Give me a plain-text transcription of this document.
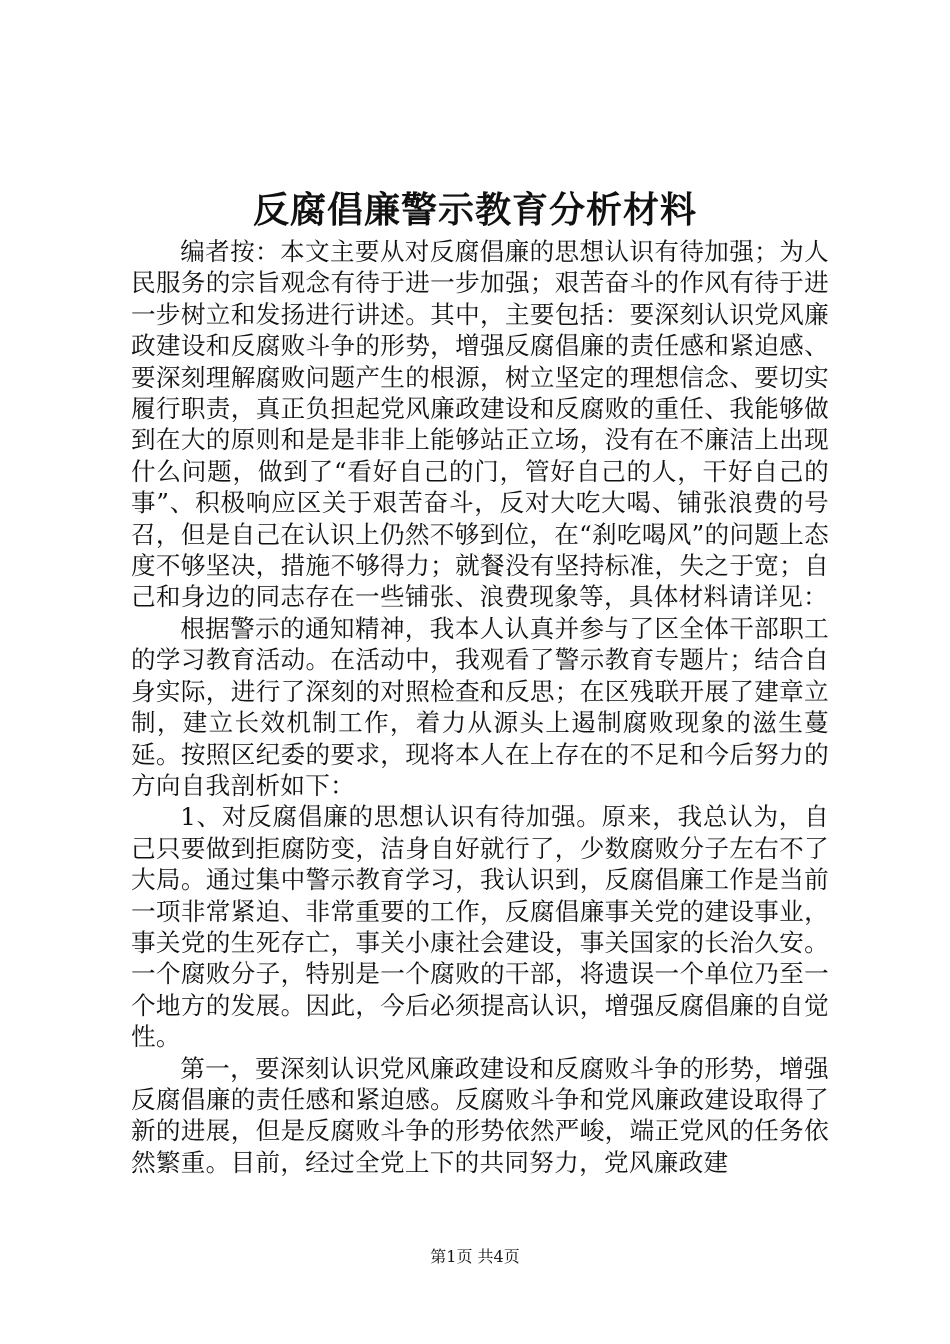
反腐倡廉警示教育分析材料

编者按：本文主要从对反腐倡廉的思想认识有待加强；为人民服务的宗旨观念有待于进一步加强；艰苦奋斗的作风有待于进一步树立和发扬进行讲述。其中，主要包括：要深刻认识党风廉政建设和反腐败斗争的形势，增强反腐倡廉的责任感和紧迫感、要深刻理解腐败问题产生的根源，树立坚定的理想信念、要切实履行职责，真正负担起党风廉政建设和反腐败的重任、我能够做到在大的原则和是是非非上能够站正立场，没有在不廉洁上出现什么问题，做到了“看好自己的门，管好自己的人，干好自己的事”、积极响应区关于艰苦奋斗，反对大吃大喝、铺张浪费的号召，但是自己在认识上仍然不够到位，在“刹吃喝风”的问题上态度不够坚决，措施不够得力；就餐没有坚持标准，失之于宽；自己和身边的同志存在一些铺张、浪费现象等，具体材料请详见：

根据警示的通知精神，我本人认真并参与了区全体干部职工的学习教育活动。在活动中，我观看了警示教育专题片；结合自身实际，进行了深刻的对照检查和反思；在区残联开展了建章立制，建立长效机制工作，着力从源头上遏制腐败现象的滋生蔓延。按照区纪委的要求，现将本人在上存在的不足和今后努力的方向自我剖析如下：

1、对反腐倡廉的思想认识有待加强。原来，我总认为，自己只要做到拒腐防变，洁身自好就行了，少数腐败分子左右不了大局。通过集中警示教育学习，我认识到，反腐倡廉工作是当前一项非常紧迫、非常重要的工作，反腐倡廉事关党的建设事业，事关党的生死存亡，事关小康社会建设，事关国家的长治久安。一个腐败分子，特别是一个腐败的干部，将遗误一个单位乃至一个地方的发展。因此，今后必须提高认识，增强反腐倡廉的自觉性。

第一，要深刻认识党风廉政建设和反腐败斗争的形势，增强反腐倡廉的责任感和紧迫感。反腐败斗争和党风廉政建设取得了新的进展，但是反腐败斗争的形势依然严峻，端正党风的任务依然繁重。目前，经过全党上下的共同努力，党风廉政建

第1页 共4页
